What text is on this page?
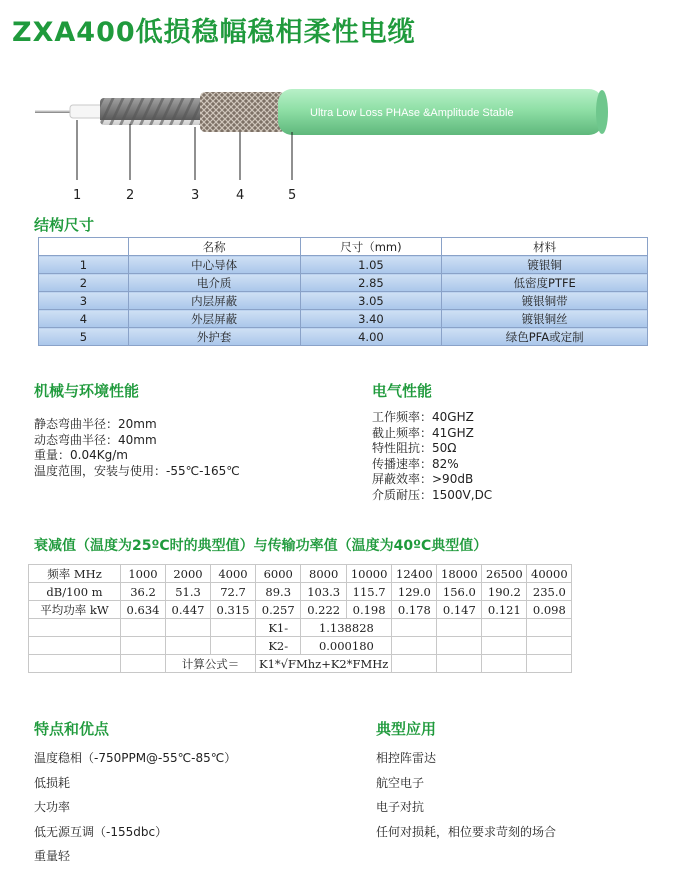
ZXA400低损稳幅稳相柔性电缆
Ultra Low Loss PHAse &Amplitude Stable
1	2	3	4	5
结构尺寸
	名称	尺寸（mm)	材料
1	中心导体	1.05	镀银铜
2	电介质	2.85	低密度PTFE
3	内层屏蔽	3.05	镀银铜带
4	外层屏蔽	3.40	镀银铜丝
5	外护套	4.00	绿色PFA或定制
机械与环境性能
静态弯曲半径：20mm
动态弯曲半径：40mm
重量：0.04Kg/m
温度范围，安装与使用：-55℃-165℃
电气性能
工作频率：40GHZ
截止频率：41GHZ
特性阻抗：50Ω
传播速率：82%
屏蔽效率：>90dB
介质耐压：1500V,DC
衰减值（温度为25ºC时的典型值）与传输功率值（温度为40ºC典型值）
频率 MHz	1000	2000	4000	6000	8000	10000	12400	18000	26500	40000
dB/100 m	36.2	51.3	72.7	89.3	103.3	115.7	129.0	156.0	190.2	235.0
平均功率 kW	0.634	0.447	0.315	0.257	0.222	0.198	0.178	0.147	0.121	0.098
				K1-	1.138828					
				K2-	0.000180					
		计算公式＝		K1*√FMhz+K2*FMHz						
特点和优点
温度稳相（-750PPM@-55℃-85℃）
低损耗
大功率
低无源互调（-155dbc）
重量轻
典型应用
相控阵雷达
航空电子
电子对抗
任何对损耗，相位要求苛刻的场合
